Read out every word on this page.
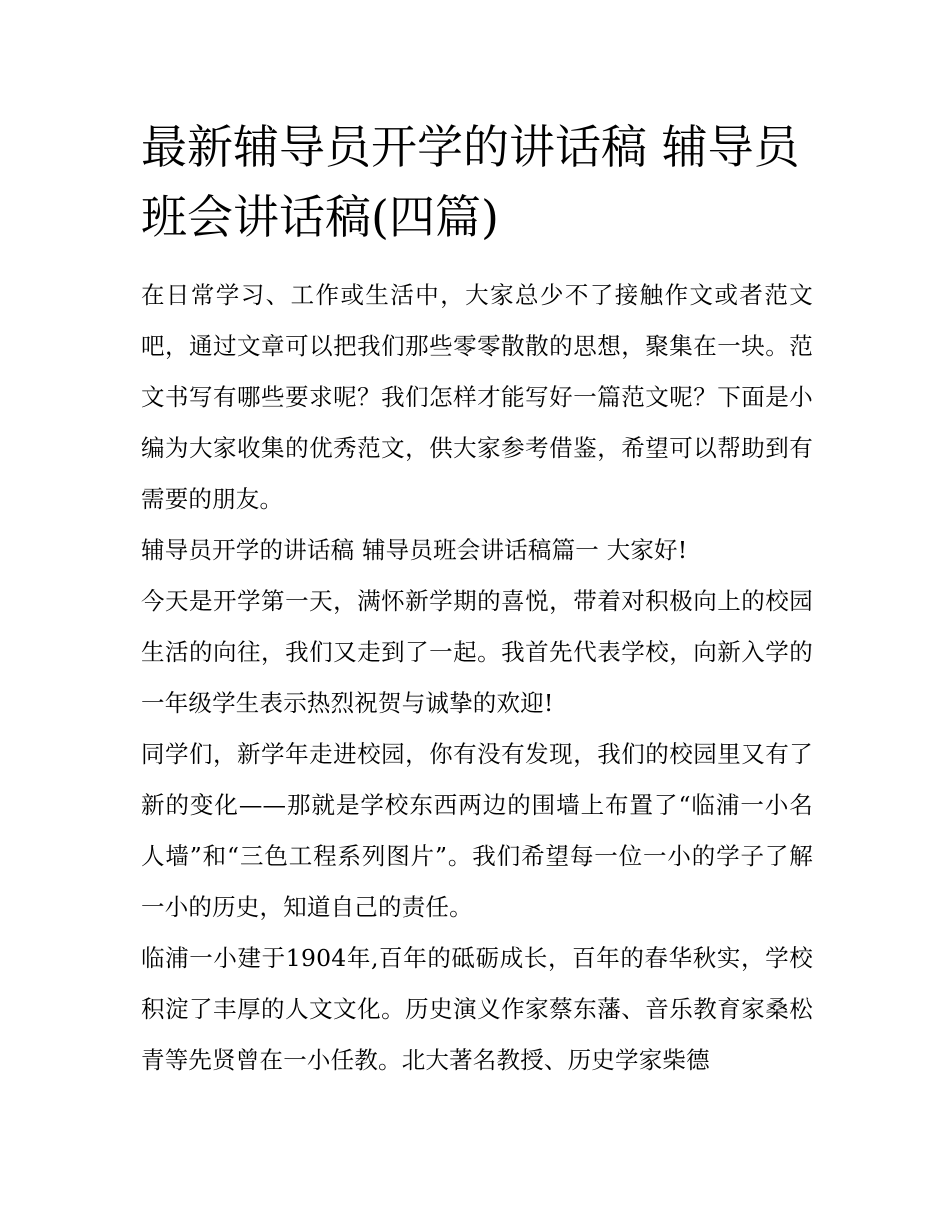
最新辅导员开学的讲话稿 辅导员班会讲话稿(四篇)

在日常学习、工作或生活中，大家总少不了接触作文或者范文吧，通过文章可以把我们那些零零散散的思想，聚集在一块。范文书写有哪些要求呢？我们怎样才能写好一篇范文呢？下面是小编为大家收集的优秀范文，供大家参考借鉴，希望可以帮助到有需要的朋友。

辅导员开学的讲话稿 辅导员班会讲话稿篇一 大家好!

今天是开学第一天，满怀新学期的喜悦，带着对积极向上的校园生活的向往，我们又走到了一起。我首先代表学校，向新入学的一年级学生表示热烈祝贺与诚挚的欢迎!

同学们，新学年走进校园，你有没有发现，我们的校园里又有了新的变化——那就是学校东西两边的围墙上布置了“临浦一小名人墙”和“三色工程系列图片”。我们希望每一位一小的学子了解一小的历史，知道自己的责任。

临浦一小建于1904年,百年的砥砺成长，百年的春华秋实，学校积淀了丰厚的人文文化。历史演义作家蔡东藩、音乐教育家桑松青等先贤曾在一小任教。北大著名教授、历史学家柴德
